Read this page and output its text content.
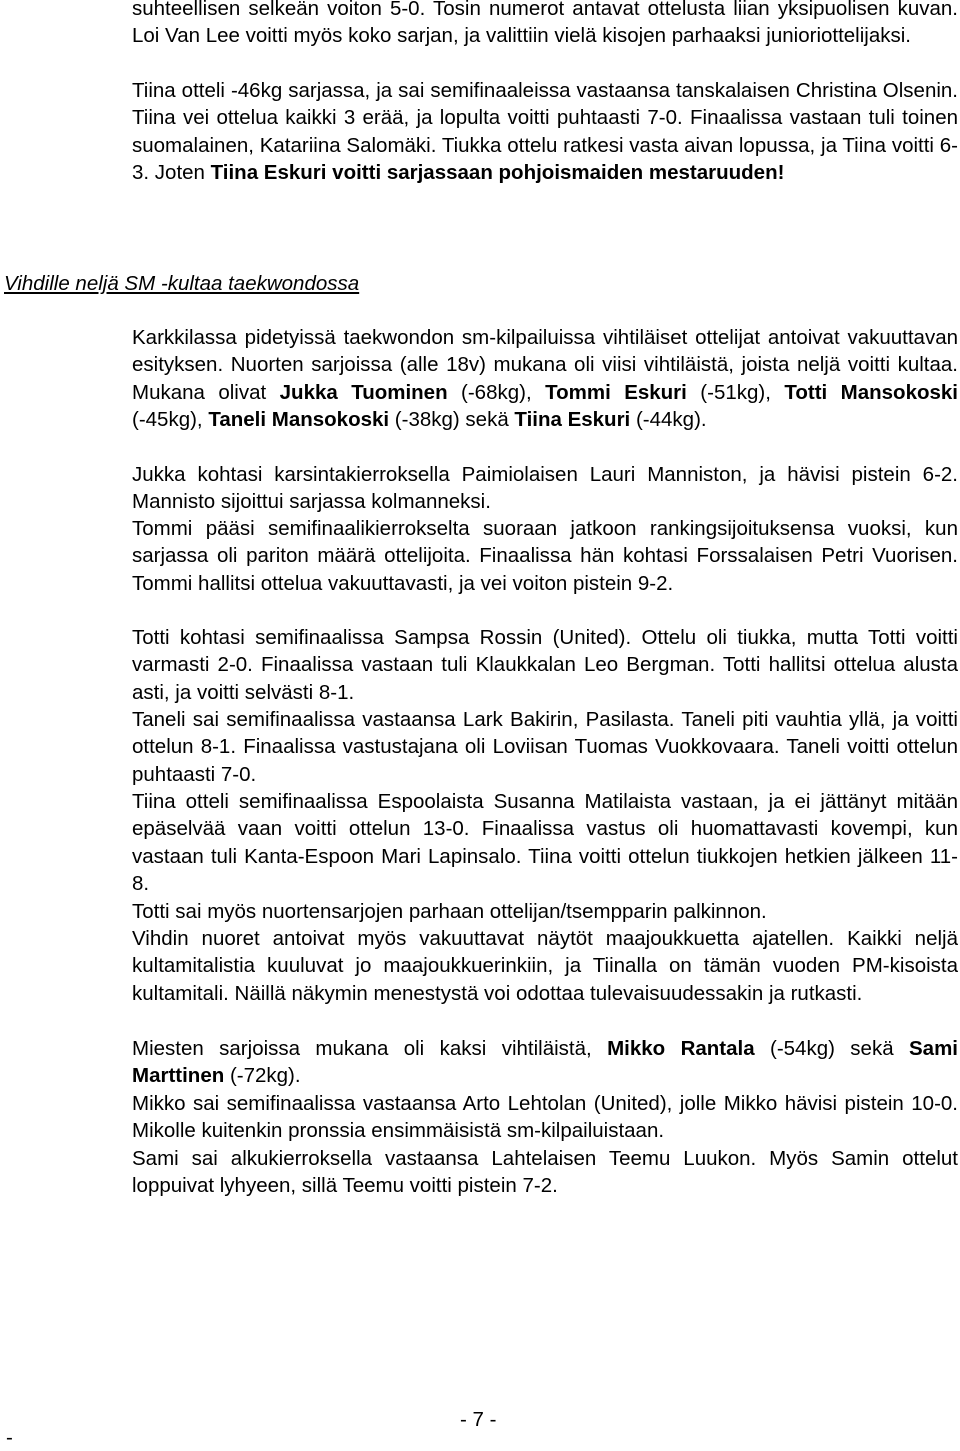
suhteellisen selkeän voiton 5-0. Tosin numerot antavat ottelusta liian yksipuolisen kuvan. Loi Van Lee voitti myös koko sarjan, ja valittiin vielä kisojen parhaaksi junioriottelijaksi.

Tiina otteli -46kg sarjassa, ja sai semifinaaleissa vastaansa tanskalaisen Christina Olsenin. Tiina vei ottelua kaikki 3 erää, ja lopulta voitti puhtaasti 7-0. Finaalissa vastaan tuli toinen suomalainen, Katariina Salomäki. Tiukka ottelu ratkesi vasta aivan lopussa, ja Tiina voitti 6-3. Joten Tiina Eskuri voitti sarjassaan pohjoismaiden mestaruuden!

Vihdille neljä SM -kultaa taekwondossa

Karkkilassa pidetyissä taekwondon sm-kilpailuissa vihtiläiset ottelijat antoivat vakuuttavan esityksen. Nuorten sarjoissa (alle 18v) mukana oli viisi vihtiläistä, joista neljä voitti kultaa. Mukana olivat Jukka Tuominen (-68kg), Tommi Eskuri (-51kg), Totti Mansokoski (-45kg), Taneli Mansokoski (-38kg) sekä Tiina Eskuri (-44kg).

Jukka kohtasi karsintakierroksella Paimiolaisen Lauri Manniston, ja hävisi pistein 6-2. Mannisto sijoittui sarjassa kolmanneksi.

Tommi pääsi semifinaalikierrokselta suoraan jatkoon rankingsijoituksensa vuoksi, kun sarjassa oli pariton määrä ottelijoita. Finaalissa hän kohtasi Forssalaisen Petri Vuorisen. Tommi hallitsi ottelua vakuuttavasti, ja vei voiton pistein 9-2.

Totti kohtasi semifinaalissa Sampsa Rossin (United). Ottelu oli tiukka, mutta Totti voitti varmasti 2-0. Finaalissa vastaan tuli Klaukkalan Leo Bergman. Totti hallitsi ottelua alusta asti, ja voitti selvästi 8-1.

Taneli sai semifinaalissa vastaansa Lark Bakirin, Pasilasta. Taneli piti vauhtia yllä, ja voitti ottelun 8-1. Finaalissa vastustajana oli Loviisan Tuomas Vuokkovaara. Taneli voitti ottelun puhtaasti 7-0.

Tiina otteli semifinaalissa Espoolaista Susanna Matilaista vastaan, ja ei jättänyt mitään epäselvää vaan voitti ottelun 13-0. Finaalissa vastus oli huomattavasti kovempi, kun vastaan tuli Kanta-Espoon Mari Lapinsalo. Tiina voitti ottelun tiukkojen hetkien jälkeen 11-8.

Totti sai myös nuortensarjojen parhaan ottelijan/tsempparin palkinnon.

Vihdin nuoret antoivat myös vakuuttavat näytöt maajoukkuetta ajatellen. Kaikki neljä kultamitalistia kuuluvat jo maajoukkuerinkiin, ja Tiinalla on tämän vuoden PM-kisoista kultamitali. Näillä näkymin menestystä voi odottaa tulevaisuudessakin ja rutkasti.

Miesten sarjoissa mukana oli kaksi vihtiläistä, Mikko Rantala (-54kg) sekä Sami Marttinen (-72kg).

Mikko sai semifinaalissa vastaansa Arto Lehtolan (United), jolle Mikko hävisi pistein 10-0. Mikolle kuitenkin pronssia ensimmäisistä sm-kilpailuistaan.

Sami sai alkukierroksella vastaansa Lahtelaisen Teemu Luukon. Myös Samin ottelut loppuivat lyhyeen, sillä Teemu voitti pistein 7-2.

- 7 -

-
